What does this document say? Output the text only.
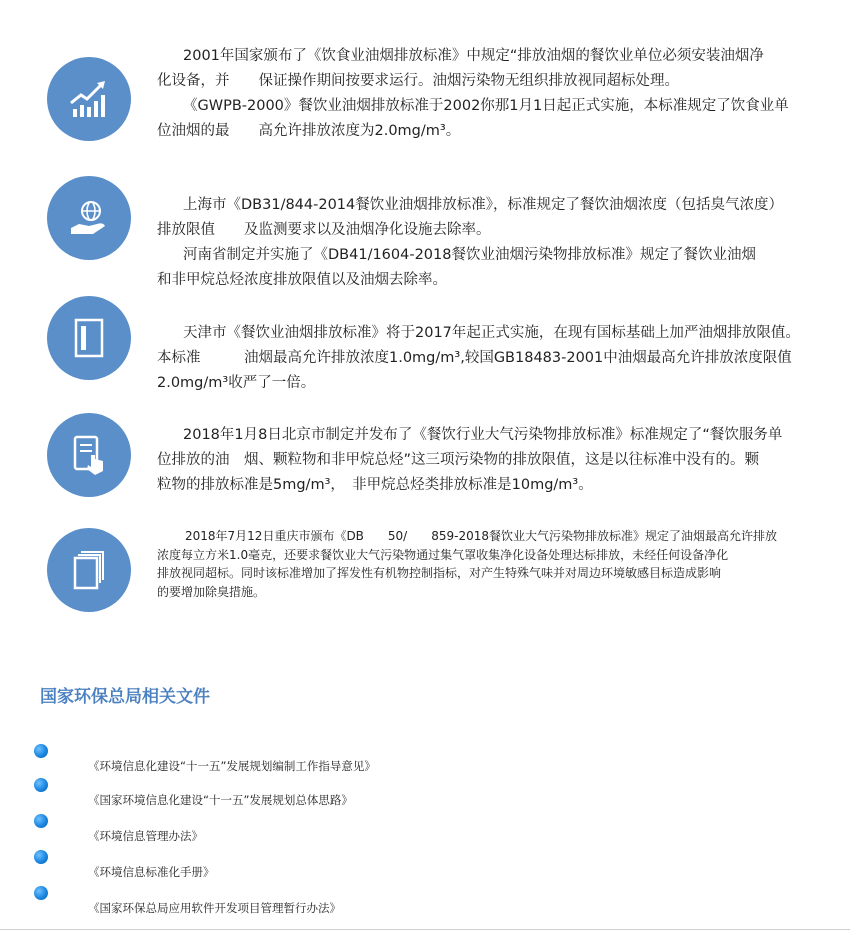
2001年国家颁布了《饮食业油烟排放标准》中规定“排放油烟的餐饮业单位必须安装油烟净
化设备，并　　保证操作期间按要求运行。油烟污染物无组织排放视同超标处理。
《GWPB-2000》餐饮业油烟排放标准于2002你那1月1日起正式实施，本标准规定了饮食业单
位油烟的最　　高允许排放浓度为2.0mg/m³。

上海市《DB31/844-2014餐饮业油烟排放标准》，标准规定了餐饮油烟浓度（包括臭气浓度）
排放限值　　及监测要求以及油烟净化设施去除率。
河南省制定并实施了《DB41/1604-2018餐饮业油烟污染物排放标准》规定了餐饮业油烟
和非甲烷总烃浓度排放限值以及油烟去除率。

天津市《餐饮业油烟排放标准》将于2017年起正式实施，在现有国标基础上加严油烟排放限值。
本标准　　　油烟最高允许排放浓度1.0mg/m³,较国GB18483-2001中油烟最高允许排放浓度限值
2.0mg/m³收严了一倍。

2018年1月8日北京市制定并发布了《餐饮行业大气污染物排放标准》标准规定了“餐饮服务单
位排放的油　烟、颗粒物和非甲烷总烃”这三项污染物的排放限值，这是以往标准中没有的。颗
粒物的排放标准是5mg/m³，　非甲烷总烃类排放标准是10mg/m³。

2018年7月12日重庆市颁布《DB　　50/　　859-2018餐饮业大气污染物排放标准》规定了油烟最高允许排放
浓度每立方米1.0毫克，还要求餐饮业大气污染物通过集气罩收集净化设备处理达标排放，未经任何设备净化
排放视同超标。同时该标准增加了挥发性有机物控制指标，对产生特殊气味并对周边环境敏感目标造成影响
的要增加除臭措施。

国家环保总局相关文件
《环境信息化建设“十一五”发展规划编制工作指导意见》
《国家环境信息化建设“十一五”发展规划总体思路》
《环境信息管理办法》
《环境信息标准化手册》
《国家环保总局应用软件开发项目管理暂行办法》
